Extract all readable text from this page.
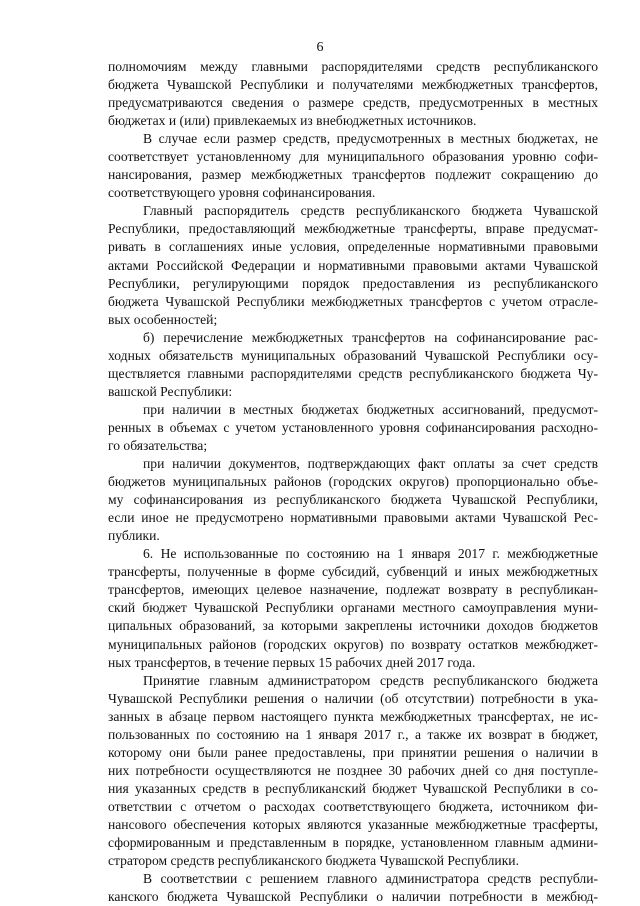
6
полномочиям между главными распорядителями средств республиканского
бюджета Чувашской Республики и получателями межбюджетных трансфертов,
предусматриваются сведения о размере средств, предусмотренных в местных
бюджетах и (или) привлекаемых из внебюджетных источников.
В случае если размер средств, предусмотренных в местных бюджетах, не
соответствует установленному для муниципального образования уровню софи-
нансирования, размер межбюджетных трансфертов подлежит сокращению до
соответствующего уровня софинансирования.
Главный распорядитель средств республиканского бюджета Чувашской
Республики, предоставляющий межбюджетные трансферты, вправе предусмат-
ривать в соглашениях иные условия, определенные нормативными правовыми
актами Российской Федерации и нормативными правовыми актами Чувашской
Республики, регулирующими порядок предоставления из республиканского
бюджета Чувашской Республики межбюджетных трансфертов с учетом отрасле-
вых особенностей;
б) перечисление межбюджетных трансфертов на софинансирование рас-
ходных обязательств муниципальных образований Чувашской Республики осу-
ществляется главными распорядителями средств республиканского бюджета Чу-
вашской Республики:
при наличии в местных бюджетах бюджетных ассигнований, предусмот-
ренных в объемах с учетом установленного уровня софинансирования расходно-
го обязательства;
при наличии документов, подтверждающих факт оплаты за счет средств
бюджетов муниципальных районов (городских округов) пропорционально объе-
му софинансирования из республиканского бюджета Чувашской Республики,
если иное не предусмотрено нормативными правовыми актами Чувашской Рес-
публики.
6. Не использованные по состоянию на 1 января 2017 г. межбюджетные
трансферты, полученные в форме субсидий, субвенций и иных межбюджетных
трансфертов, имеющих целевое назначение, подлежат возврату в республикан-
ский бюджет Чувашской Республики органами местного самоуправления муни-
ципальных образований, за которыми закреплены источники доходов бюджетов
муниципальных районов (городских округов) по возврату остатков межбюджет-
ных трансфертов, в течение первых 15 рабочих дней 2017 года.
Принятие главным администратором средств республиканского бюджета
Чувашской Республики решения о наличии (об отсутствии) потребности в ука-
занных в абзаце первом настоящего пункта межбюджетных трансфертах, не ис-
пользованных по состоянию на 1 января 2017 г., а также их возврат в бюджет,
которому они были ранее предоставлены, при принятии решения о наличии в
них потребности осуществляются не позднее 30 рабочих дней со дня поступле-
ния указанных средств в республиканский бюджет Чувашской Республики в со-
ответствии с отчетом о расходах соответствующего бюджета, источником фи-
нансового обеспечения которых являются указанные межбюджетные трасферты,
сформированным и представленным в порядке, установленном главным админи-
стратором средств республиканского бюджета Чувашской Республики.
В соответствии с решением главного администратора средств республи-
канского бюджета Чувашской Республики о наличии потребности в межбюд-
